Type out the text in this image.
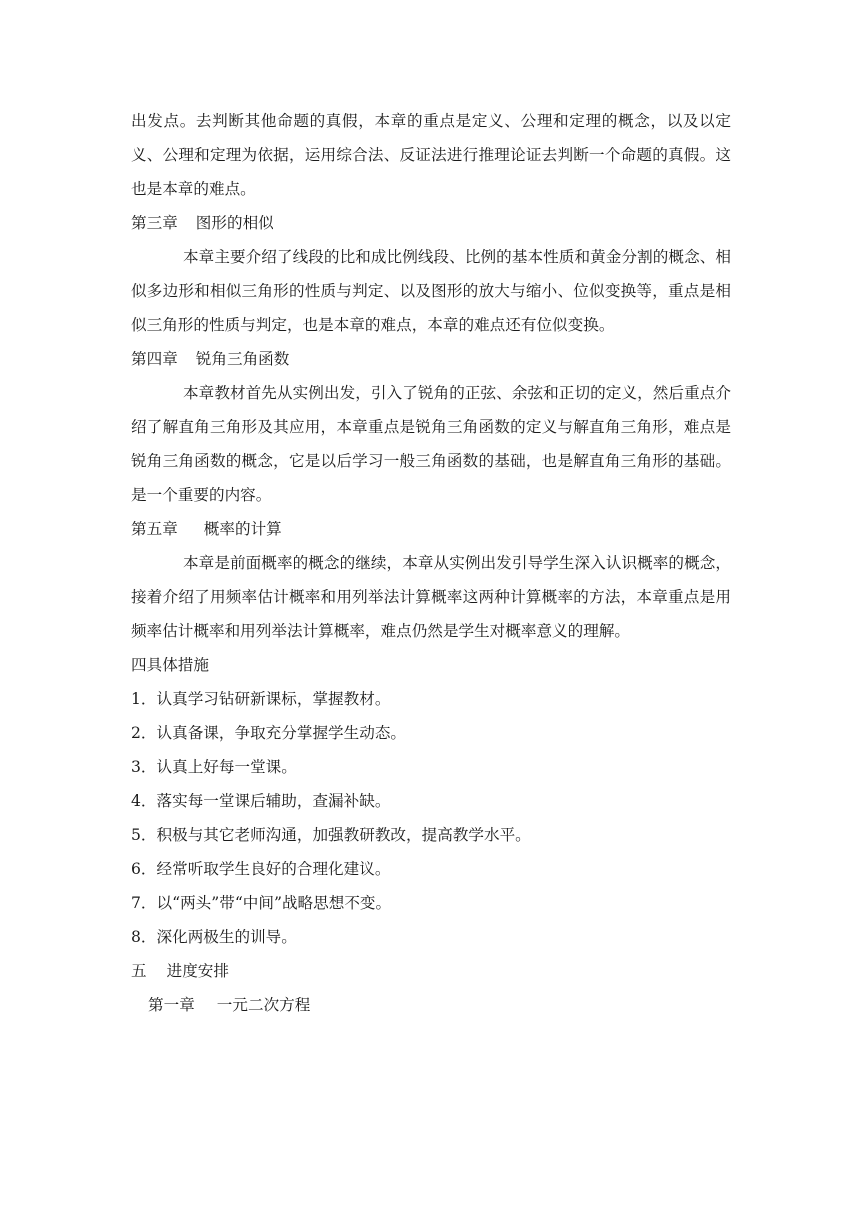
出发点。去判断其他命题的真假，本章的重点是定义、公理和定理的概念，以及以定义、公理和定理为依据，运用综合法、反证法进行推理论证去判断一个命题的真假。这也是本章的难点。

第三章 图形的相似

本章主要介绍了线段的比和成比例线段、比例的基本性质和黄金分割的概念、相似多边形和相似三角形的性质与判定、以及图形的放大与缩小、位似变换等，重点是相似三角形的性质与判定，也是本章的难点，本章的难点还有位似变换。

第四章 锐角三角函数

本章教材首先从实例出发，引入了锐角的正弦、余弦和正切的定义，然后重点介绍了解直角三角形及其应用，本章重点是锐角三角函数的定义与解直角三角形，难点是锐角三角函数的概念，它是以后学习一般三角函数的基础，也是解直角三角形的基础。是一个重要的内容。

第五章 概率的计算

本章是前面概率的概念的继续，本章从实例出发引导学生深入认识概率的概念，接着介绍了用频率估计概率和用列举法计算概率这两种计算概率的方法，本章重点是用频率估计概率和用列举法计算概率，难点仍然是学生对概率意义的理解。

四具体措施

1．认真学习钻研新课标，掌握教材。

2．认真备课，争取充分掌握学生动态。

3．认真上好每一堂课。

4．落实每一堂课后辅助，查漏补缺。

5．积极与其它老师沟通，加强教研教改，提高教学水平。

6．经常听取学生良好的合理化建议。

7．以“两头”带“中间”战略思想不变。

8．深化两极生的训导。

五 进度安排

第一章 一元二次方程
